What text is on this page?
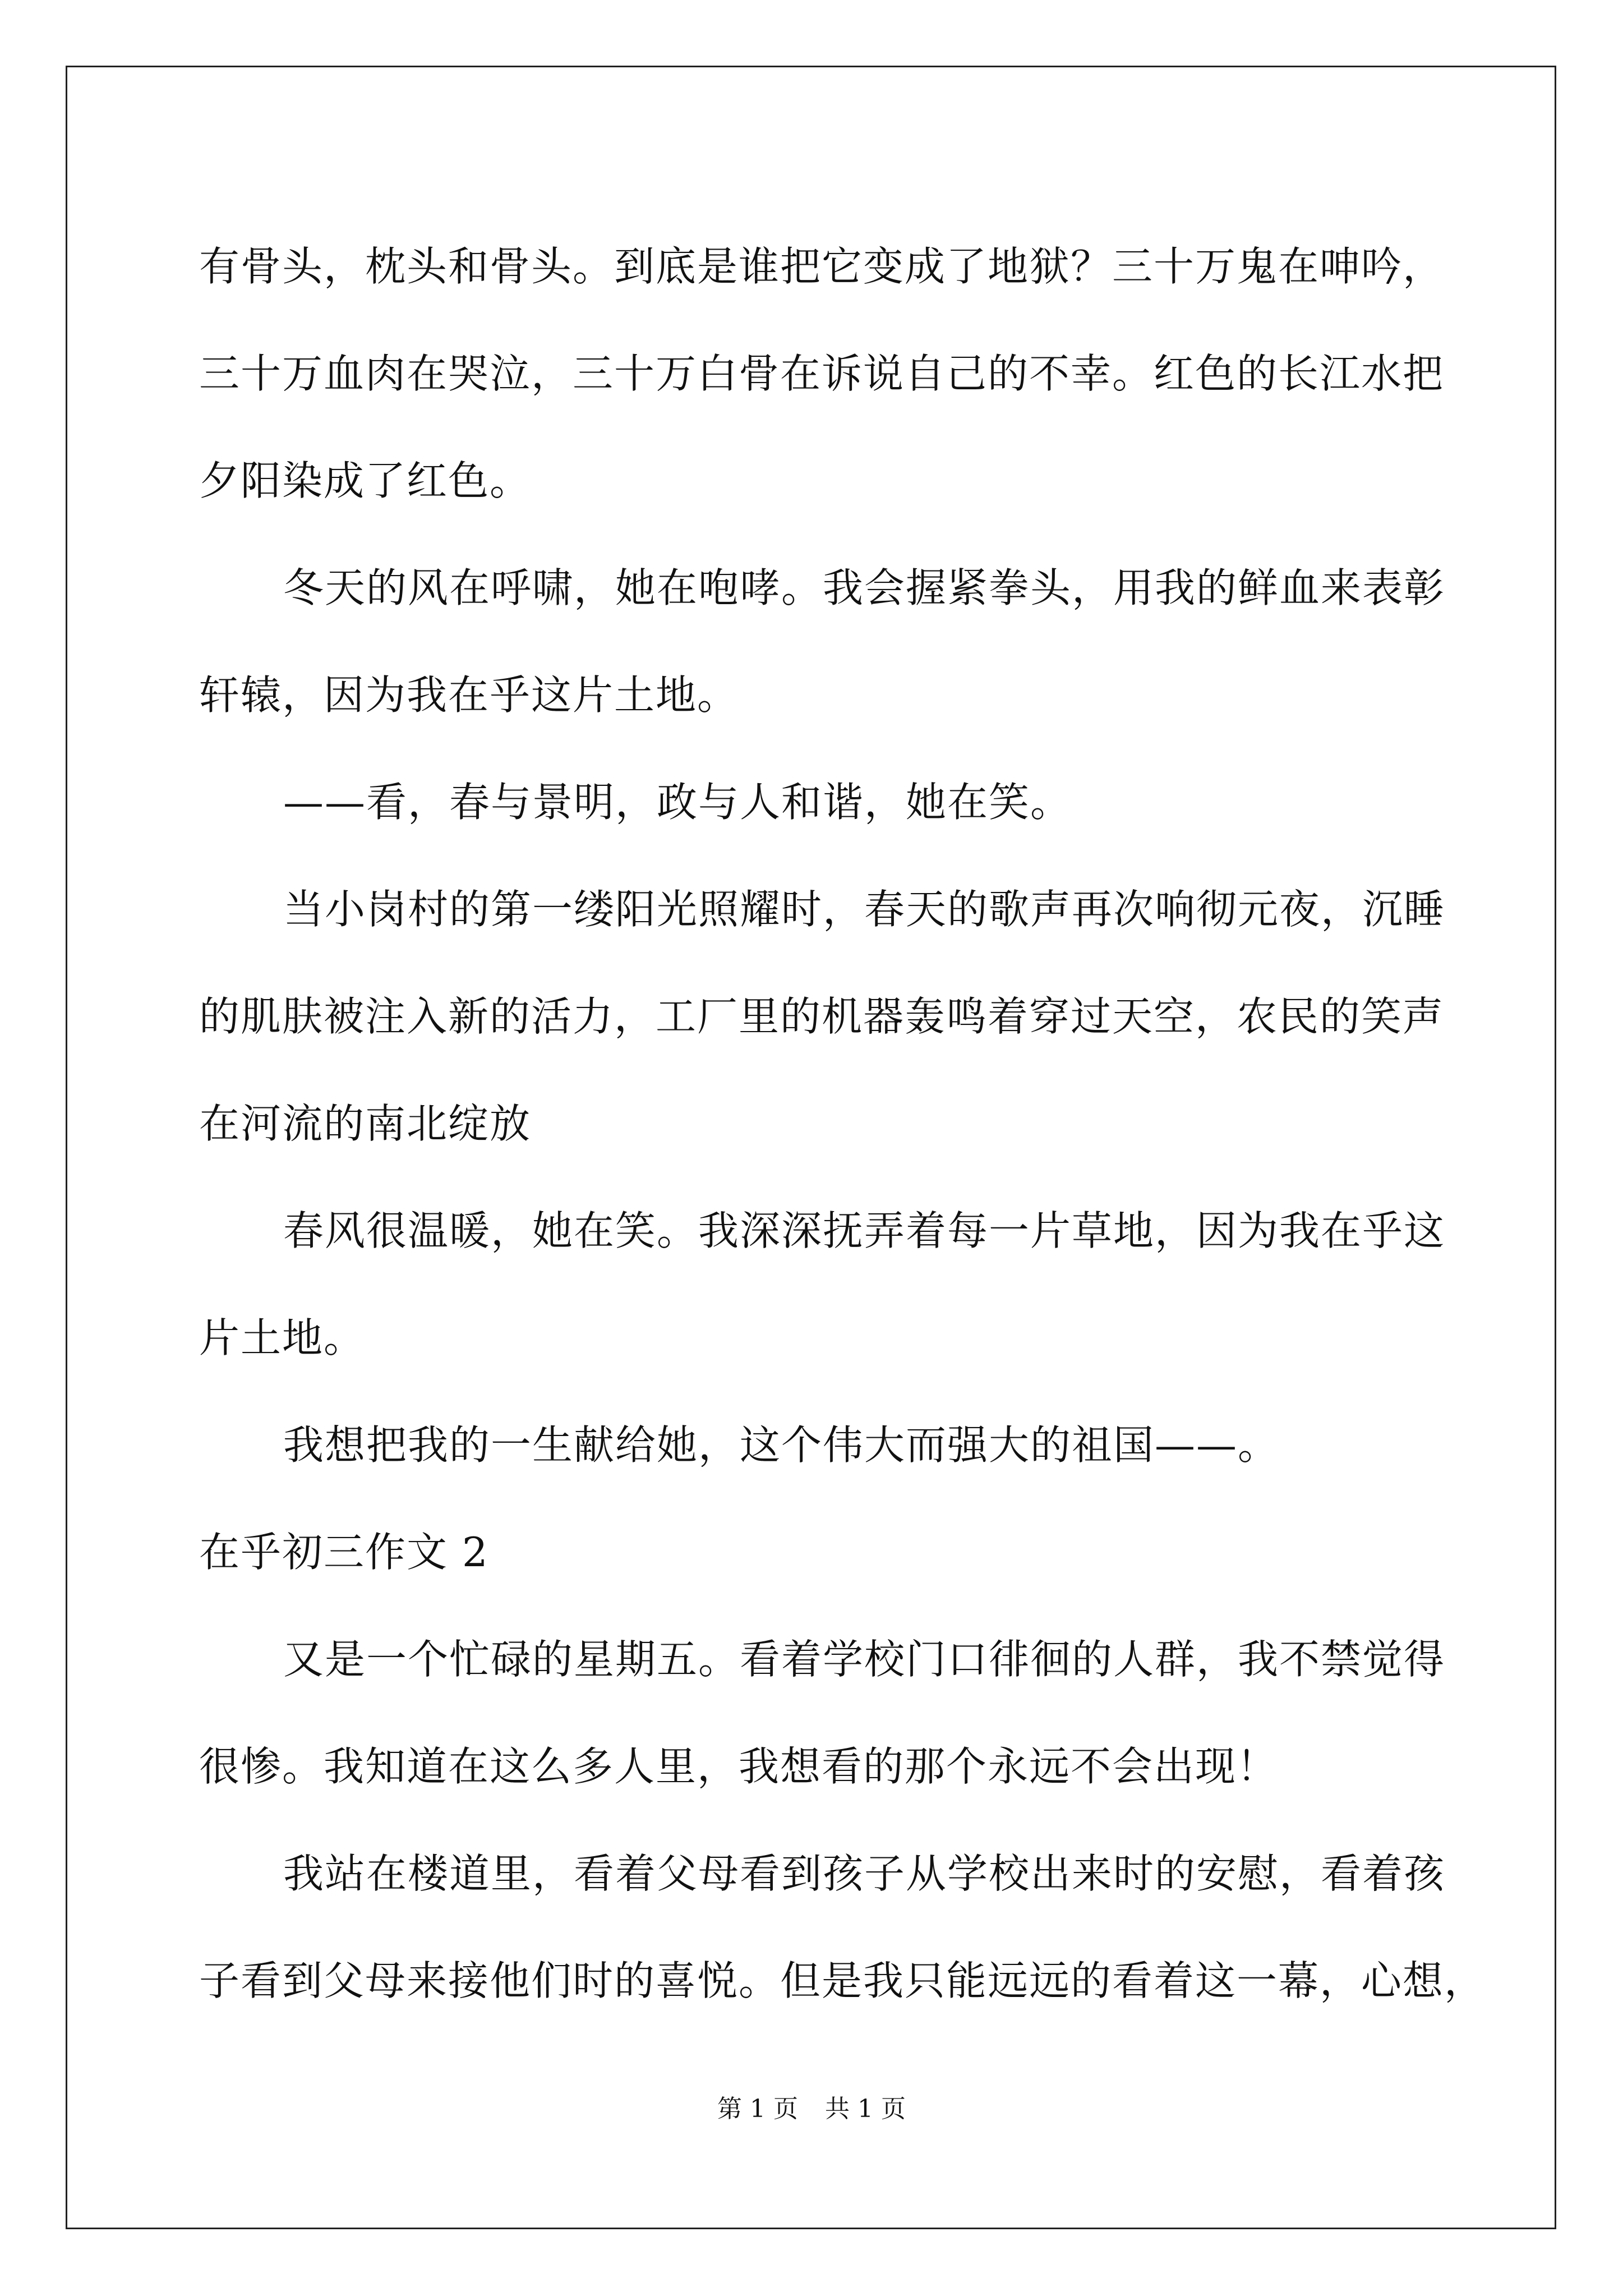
有骨头，枕头和骨头。到底是谁把它变成了地狱？三十万鬼在呻吟，
三十万血肉在哭泣，三十万白骨在诉说自己的不幸。红色的长江水把
夕阳染成了红色。
冬天的风在呼啸，她在咆哮。我会握紧拳头，用我的鲜血来表彰
轩辕，因为我在乎这片土地。
——看，春与景明，政与人和谐，她在笑。
当小岗村的第一缕阳光照耀时，春天的歌声再次响彻元夜，沉睡
的肌肤被注入新的活力，工厂里的机器轰鸣着穿过天空，农民的笑声
在河流的南北绽放
春风很温暖，她在笑。我深深抚弄着每一片草地，因为我在乎这
片土地。
我想把我的一生献给她，这个伟大而强大的祖国——。
在乎初三作文 2
又是一个忙碌的星期五。看着学校门口徘徊的人群，我不禁觉得
很惨。我知道在这么多人里，我想看的那个永远不会出现！
我站在楼道里，看着父母看到孩子从学校出来时的安慰，看着孩
子看到父母来接他们时的喜悦。但是我只能远远的看着这一幕，心想，
第 1 页 共 1 页
